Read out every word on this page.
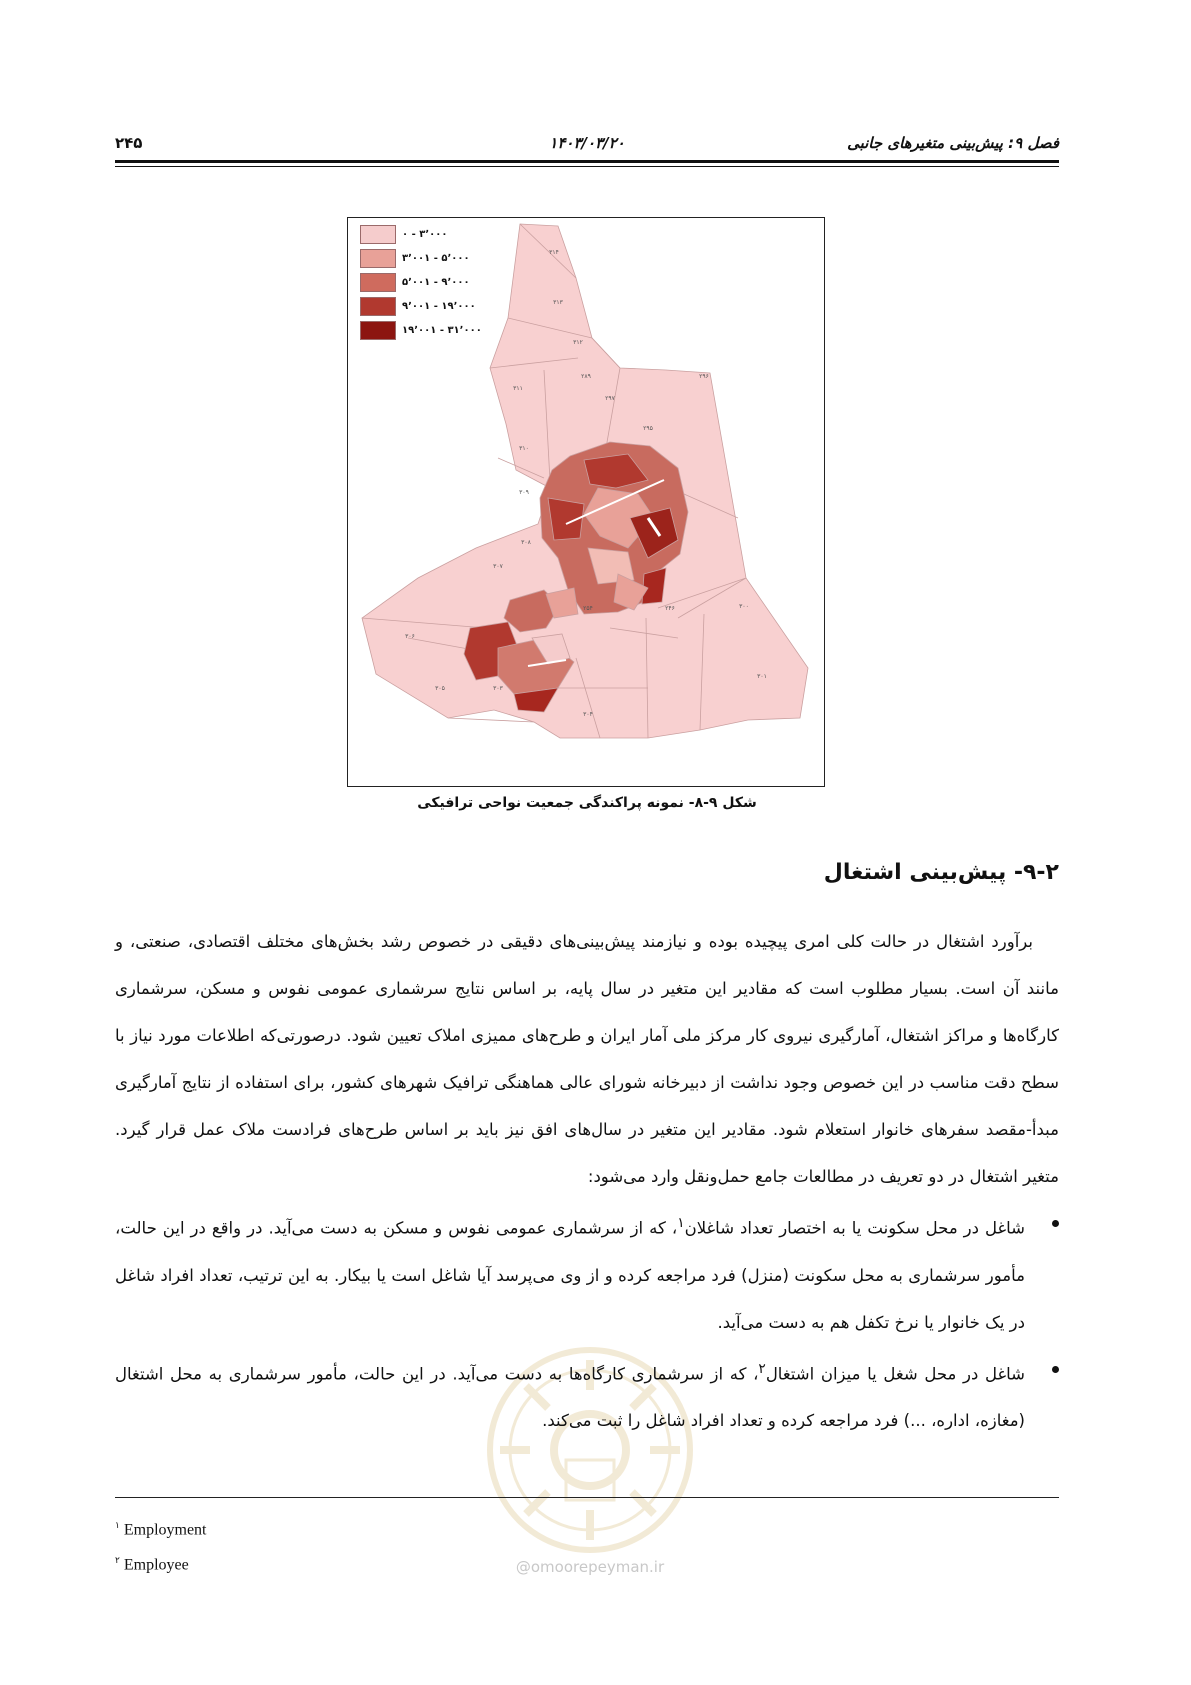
فصل ۹: پیش‌بینی متغیرهای جانبی
۱۴۰۳/۰۳/۲۰
۲۴۵
۳۱۴
۳۱۳
۳۱۲
۲۹۶
۳۱۱
۳۱۰
۳۰۹
۳۰۸
۳۰۷
۳۰۶
۳۰۵	۳۰۳
۳۰۱
۳۰۰
۳۰۴
۲۸۹
۲۹۷
۲۹۵
۲۴۶
۲۵۴
۰ - ۳٬۰۰۰
۳٬۰۰۱ - ۵٬۰۰۰
۵٬۰۰۱ - ۹٬۰۰۰
۹٬۰۰۱ - ۱۹٬۰۰۰
۱۹٬۰۰۱ - ۳۱٬۰۰۰
شکل ۹-۸- نمونه پراکندگی جمعیت نواحی ترافیکی
۹-۲- پیش‌بینی اشتغال
@omoorepeyman.ir

برآورد اشتغال در حالت کلی امری پیچیده بوده و نیازمند پیش‌بینی‌های دقیقی در خصوص رشد بخش‌های مختلف اقتصادی، صنعتی، و مانند آن است. بسیار مطلوب است که مقادیر این متغیر در سال پایه، بر اساس نتایج سرشماری عمومی نفوس و مسکن، سرشماری کارگاه‌ها و مراکز اشتغال، آمارگیری نیروی کار مرکز ملی آمار ایران و طرح‌های ممیزی املاک تعیین شود. درصورتی‌که اطلاعات مورد نیاز با سطح دقت مناسب در این خصوص وجود نداشت از دبیرخانه شورای عالی هماهنگی ترافیک شهرهای کشور، برای استفاده از نتایج آمارگیری مبدأ-مقصد سفرهای خانوار استعلام شود. مقادیر این متغیر در سال‌های افق نیز باید بر اساس طرح‌های فرادست ملاک عمل قرار گیرد. متغیر اشتغال در دو تعریف در مطالعات جامع حمل‌ونقل وارد می‌شود:

شاغل در محل سکونت یا به اختصار تعداد شاغلان$^۱$، که از سرشماری عمومی نفوس و مسکن به دست می‌آید. در واقع در این حالت، مأمور سرشماری به محل سکونت (منزل) فرد مراجعه کرده و از وی می‌پرسد آیا شاغل است یا بیکار. به این ترتیب، تعداد افراد شاغل در یک خانوار یا نرخ تکفل هم به دست می‌آید.
شاغل در محل شغل یا میزان اشتغال$^۲$، که از سرشماری کارگاه‌ها به دست می‌آید. در این حالت، مأمور سرشماری به محل اشتغال (مغازه، اداره، ...) فرد مراجعه کرده و تعداد افراد شاغل را ثبت می‌کند.
$^۱$ Employment
$^۲$ Employee
